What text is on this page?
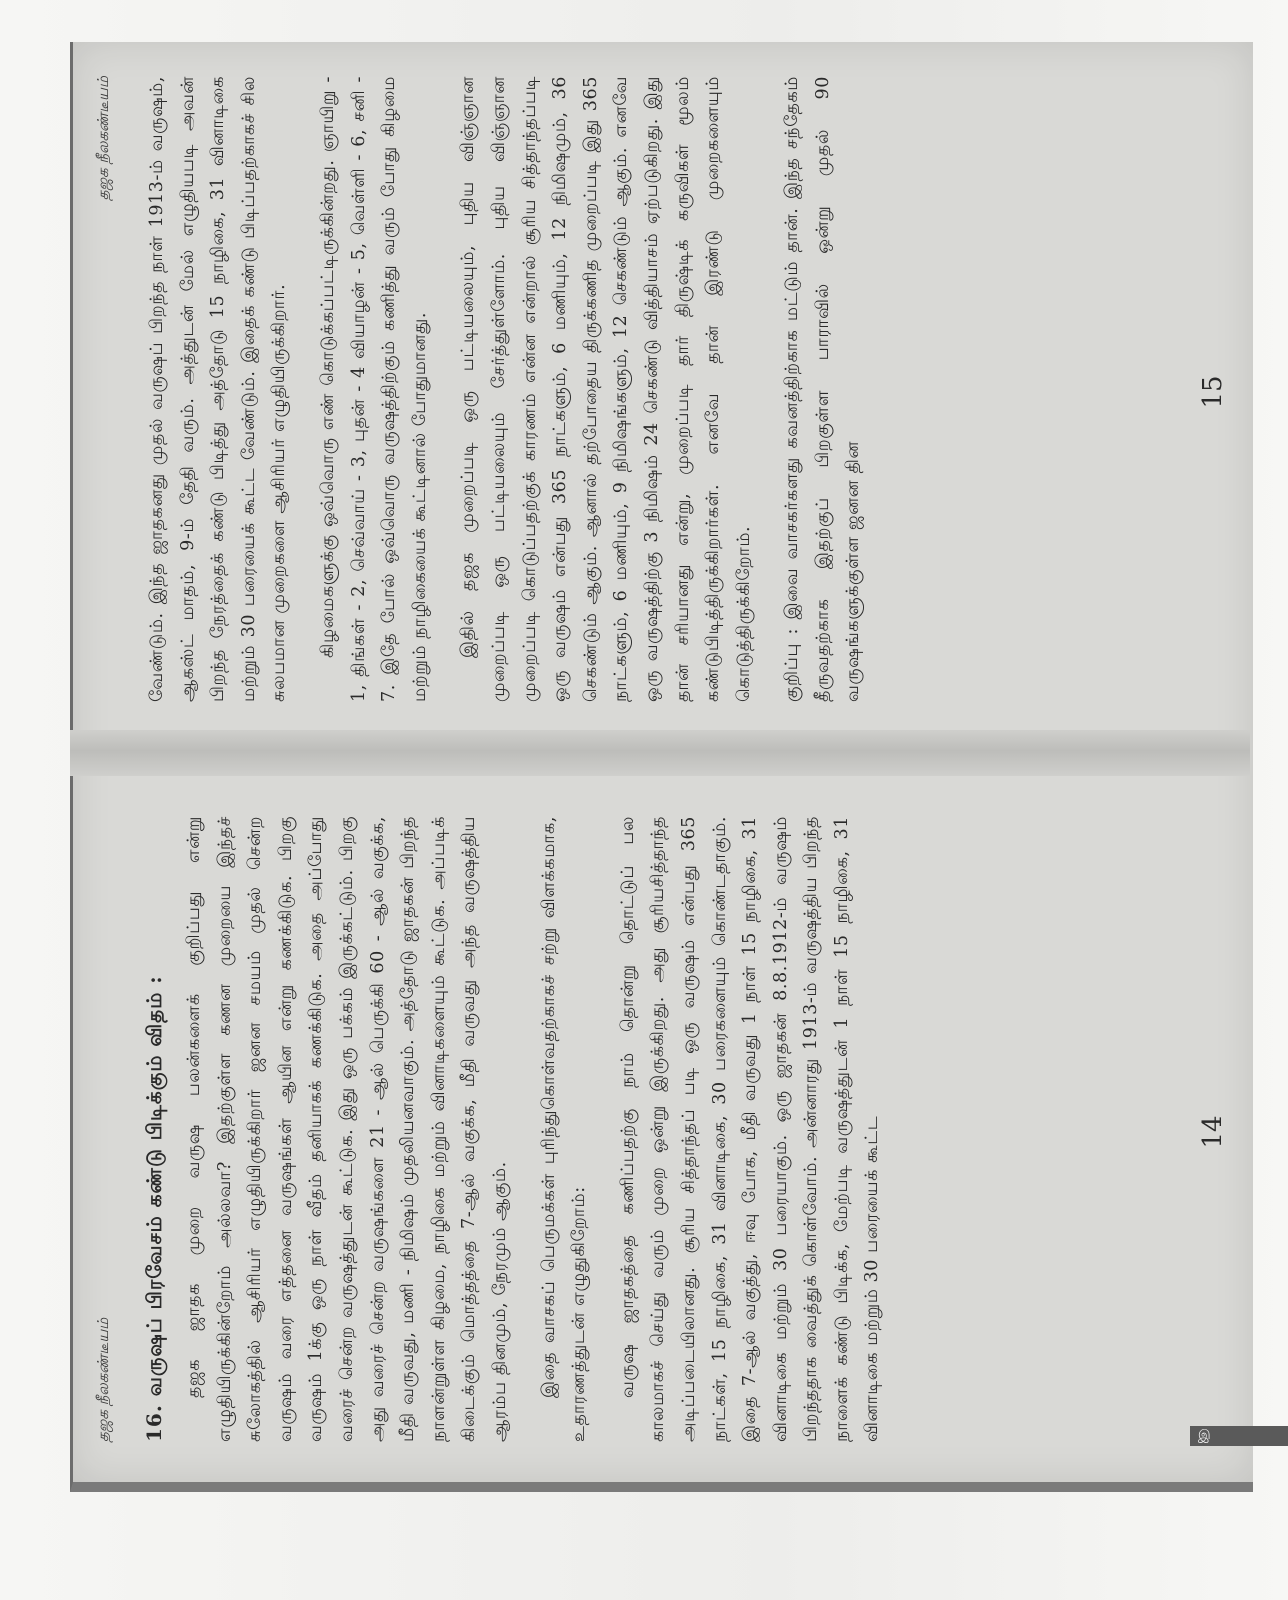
தஜக நீலகண்டீயம் 16. வருஷப் பிரவேசம் கண்டு பிடிக்கும் விதம் : தஜக ஜாதக முறை வருஷ பலன்களைக் குறிப்பது என்று எழுதியிருக்கின்றோம் அல்லவா? இதற்குள்ள கணன முறையை இந்தச் சுலோகத்தில் ஆசிரியர் எழுதியிருக்கிறார் ஜனன சமயம் முதல் சென்ற வருஷம் வரை எத்தனை வருஷங்கள் ஆயின என்று கணக்கிடுக. பிறகு வருஷம் 1க்கு ஒரு நாள் வீதம் தனியாகக் கணக்கிடுக. அதை அப்போது வரைச் சென்ற வருஷத்துடன் கூட்டுக. இது ஒரு பக்கம் இருக்கட்டும். பிறகு அது வரைச் சென்ற வருஷங்களை 21 - ஆல் பெருக்கி 60 - ஆல் வகுக்க, மீதி வருவது, மணி - நிமிஷம் முதலியனவாகும். அத்தோடு ஜாதகன் பிறந்த நாளன்றுள்ள கிழமை, நாழிகை மற்றும் வினாடிகளையும் கூட்டுக. அப்படிக் கிடைக்கும் மொத்தத்தை 7-ஆல் வகுக்க, மீதி வருவது அந்த வருஷத்திய ஆரம்ப தினமும், நேரமும் ஆகும்.	இதை வாசகப் பெருமக்கள் புரிந்துகொள்வதற்காகச் சற்று விளக்கமாக, உதாரணத்துடன் எழுதுகிறோம்:	வருஷ ஜாதகத்தை கணிப்பதற்கு நாம் தொன்று தொட்டுப் பல காலமாகச் செய்து வரும் முறை ஒன்று இருக்கிறது. அது சூரியசித்தாந்த அடிப்படையிலானது. சூரிய சித்தாந்தப் படி ஒரு வருஷம் என்பது 365 நாட்கள், 15 நாழிகை, 31 வினாடிகை, 30 பரைகளையும் கொண்டதாகும். இதை 7-ஆல் வகுத்து, ஈவு போக, மீதி வருவது 1 நாள் 15 நாழிகை, 31 வினாடிகை மற்றும் 30 பரையாகும். ஒரு ஜாதகன் 8.8.1912-ம் வருஷம் பிறந்ததாக வைத்துக் கொள்வோம். அன்னாரது 1913-ம் வருஷத்திய பிறந்த நாளைக் கண்டு பிடிக்க, மேற்படி வருஷத்துடன் 1 நாள் 15 நாழிகை, 31 வினாடிகை மற்றும் 30 பரையைக் கூட்ட	14
தஜக நீலகண்டீயம் வேண்டும். இந்த ஜாதகனது முதல் வருஷப் பிறந்த நாள் 1913-ம் வருஷம், ஆகஸ்ட் மாதம், 9-ம் தேதி வரும். அத்துடன் மேல் எழுதியபடி அவன் பிறந்த நேரத்தைக் கண்டு பிடித்து அத்தோடு 15 நாழிகை, 31 வினாடிகை மற்றும் 30 பரையைக் கூட்ட வேண்டும். இதைக் கண்டு பிடிப்பதற்காகச் சில சுலபமான முறைகளை ஆசிரியர் எழுதியிருக்கிறார்.	கிழமைகளுக்கு ஒவ்வொரு எண் கொடுக்கப்பட்டிருக்கின்றது. ஞாயிறு - 1, திங்கள் - 2, செவ்வாய் - 3, புதன் - 4 வியாழன் - 5, வெள்ளி - 6, சனி - 7. இதே போல் ஒவ்வொரு வருஷத்திற்கும் கணித்து வரும் போது கிழமை மற்றும் நாழிகையைக் கூட்டினால் போதுமானது.	இதில் தஜக முறைப்படி ஒரு பட்டியலையும், புதிய விஞ்ஞான முறைப்படி ஒரு பட்டியலையும் சேர்த்துள்ளோம். புதிய விஞ்ஞான முறைப்படி கொடுப்பதற்குக் காரணம் என்ன என்றால் சூரிய சித்தாந்தப்படி ஒரு வருஷம் என்பது 365 நாட்களும், 6 மணியும், 12 நிமிஷமும், 36 செகண்டும் ஆகும். ஆனால் தற்போதைய திருக்கணித முறைப்படி இது 365 நாட்களும், 6 மணியும், 9 நிமிஷங்களும், 12 செகண்டும் ஆகும். எனவே ஒரு வருஷத்திற்கு 3 நிமிஷம் 24 செகண்டு வித்தியாசம் ஏற்படுகிறது. இது தான் சரியானது என்று, முறைப்படி தார் திருஷ்டிக் கருவிகள் மூலம் கண்டுபிடித்திருக்கிறார்கள். எனவே தான் இரண்டு முறைகளையும் கொடுத்திருக்கிறோம்.	குறிப்பு : இவை வாசகர்களது கவனத்திற்காக மட்டும் தான். இந்த சந்தேகம் தீருவதற்காக இதற்குப் பிறகுள்ள பாராவில் ஒன்று முதல் 90 வருஷங்களுக்குள்ள ஜனன தின

15
இ
